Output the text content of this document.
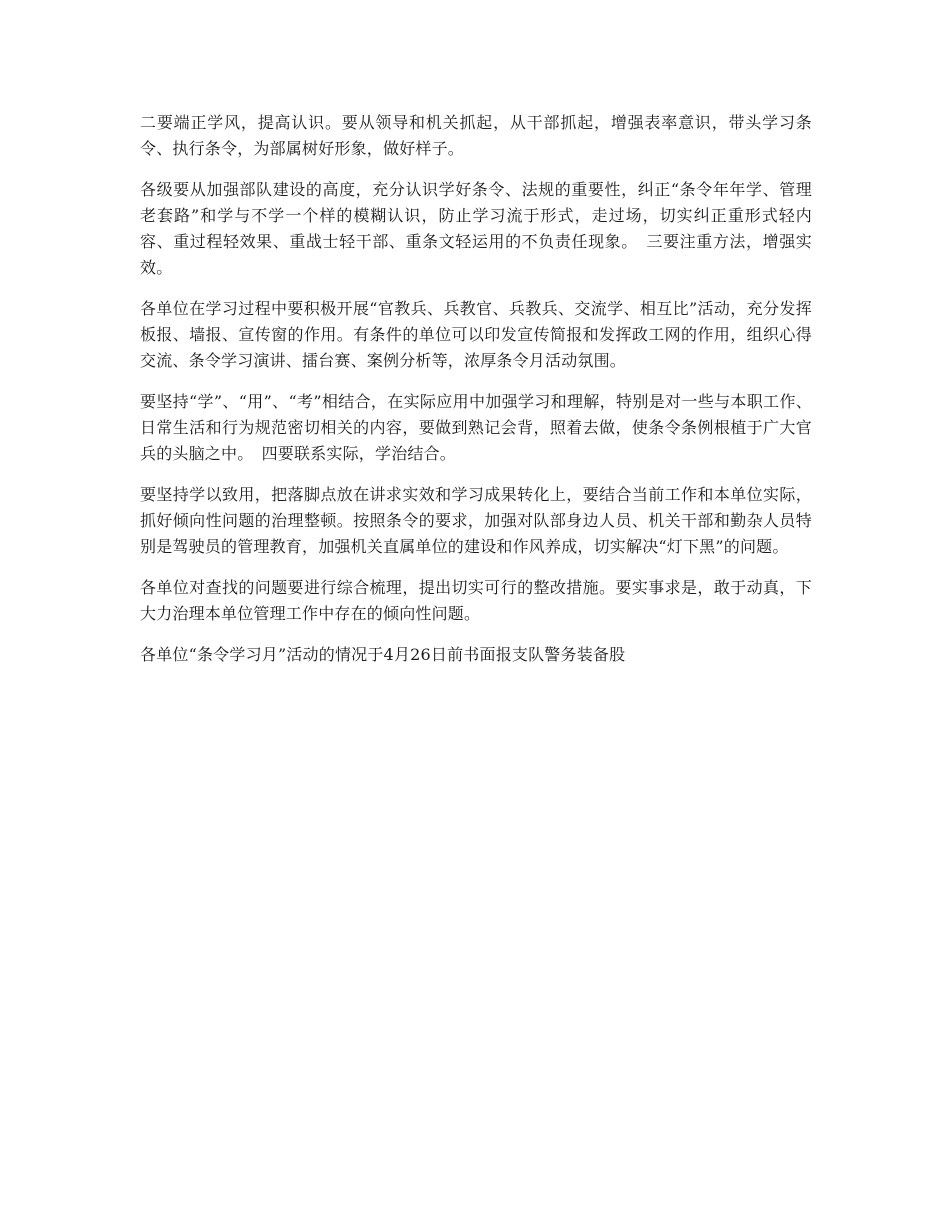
二要端正学风，提高认识。要从领导和机关抓起，从干部抓起，增强表率意识，带头学习条令、执行条令，为部属树好形象，做好样子。

各级要从加强部队建设的高度，充分认识学好条令、法规的重要性，纠正“条令年年学、管理老套路”和学与不学一个样的模糊认识，防止学习流于形式，走过场，切实纠正重形式轻内容、重过程轻效果、重战士轻干部、重条文轻运用的不负责任现象。　三要注重方法，增强实效。

各单位在学习过程中要积极开展“官教兵、兵教官、兵教兵、交流学、相互比”活动，充分发挥板报、墙报、宣传窗的作用。有条件的单位可以印发宣传简报和发挥政工网的作用，组织心得交流、条令学习演讲、擂台赛、案例分析等，浓厚条令月活动氛围。

要坚持“学”、“用”、“考”相结合，在实际应用中加强学习和理解，特别是对一些与本职工作、日常生活和行为规范密切相关的内容，要做到熟记会背，照着去做，使条令条例根植于广大官兵的头脑之中。　四要联系实际，学治结合。

要坚持学以致用，把落脚点放在讲求实效和学习成果转化上，要结合当前工作和本单位实际，抓好倾向性问题的治理整顿。按照条令的要求，加强对队部身边人员、机关干部和勤杂人员特别是驾驶员的管理教育，加强机关直属单位的建设和作风养成，切实解决“灯下黑”的问题。

各单位对查找的问题要进行综合梳理，提出切实可行的整改措施。要实事求是，敢于动真，下大力治理本单位管理工作中存在的倾向性问题。

各单位“条令学习月”活动的情况于4月26日前书面报支队警务装备股
